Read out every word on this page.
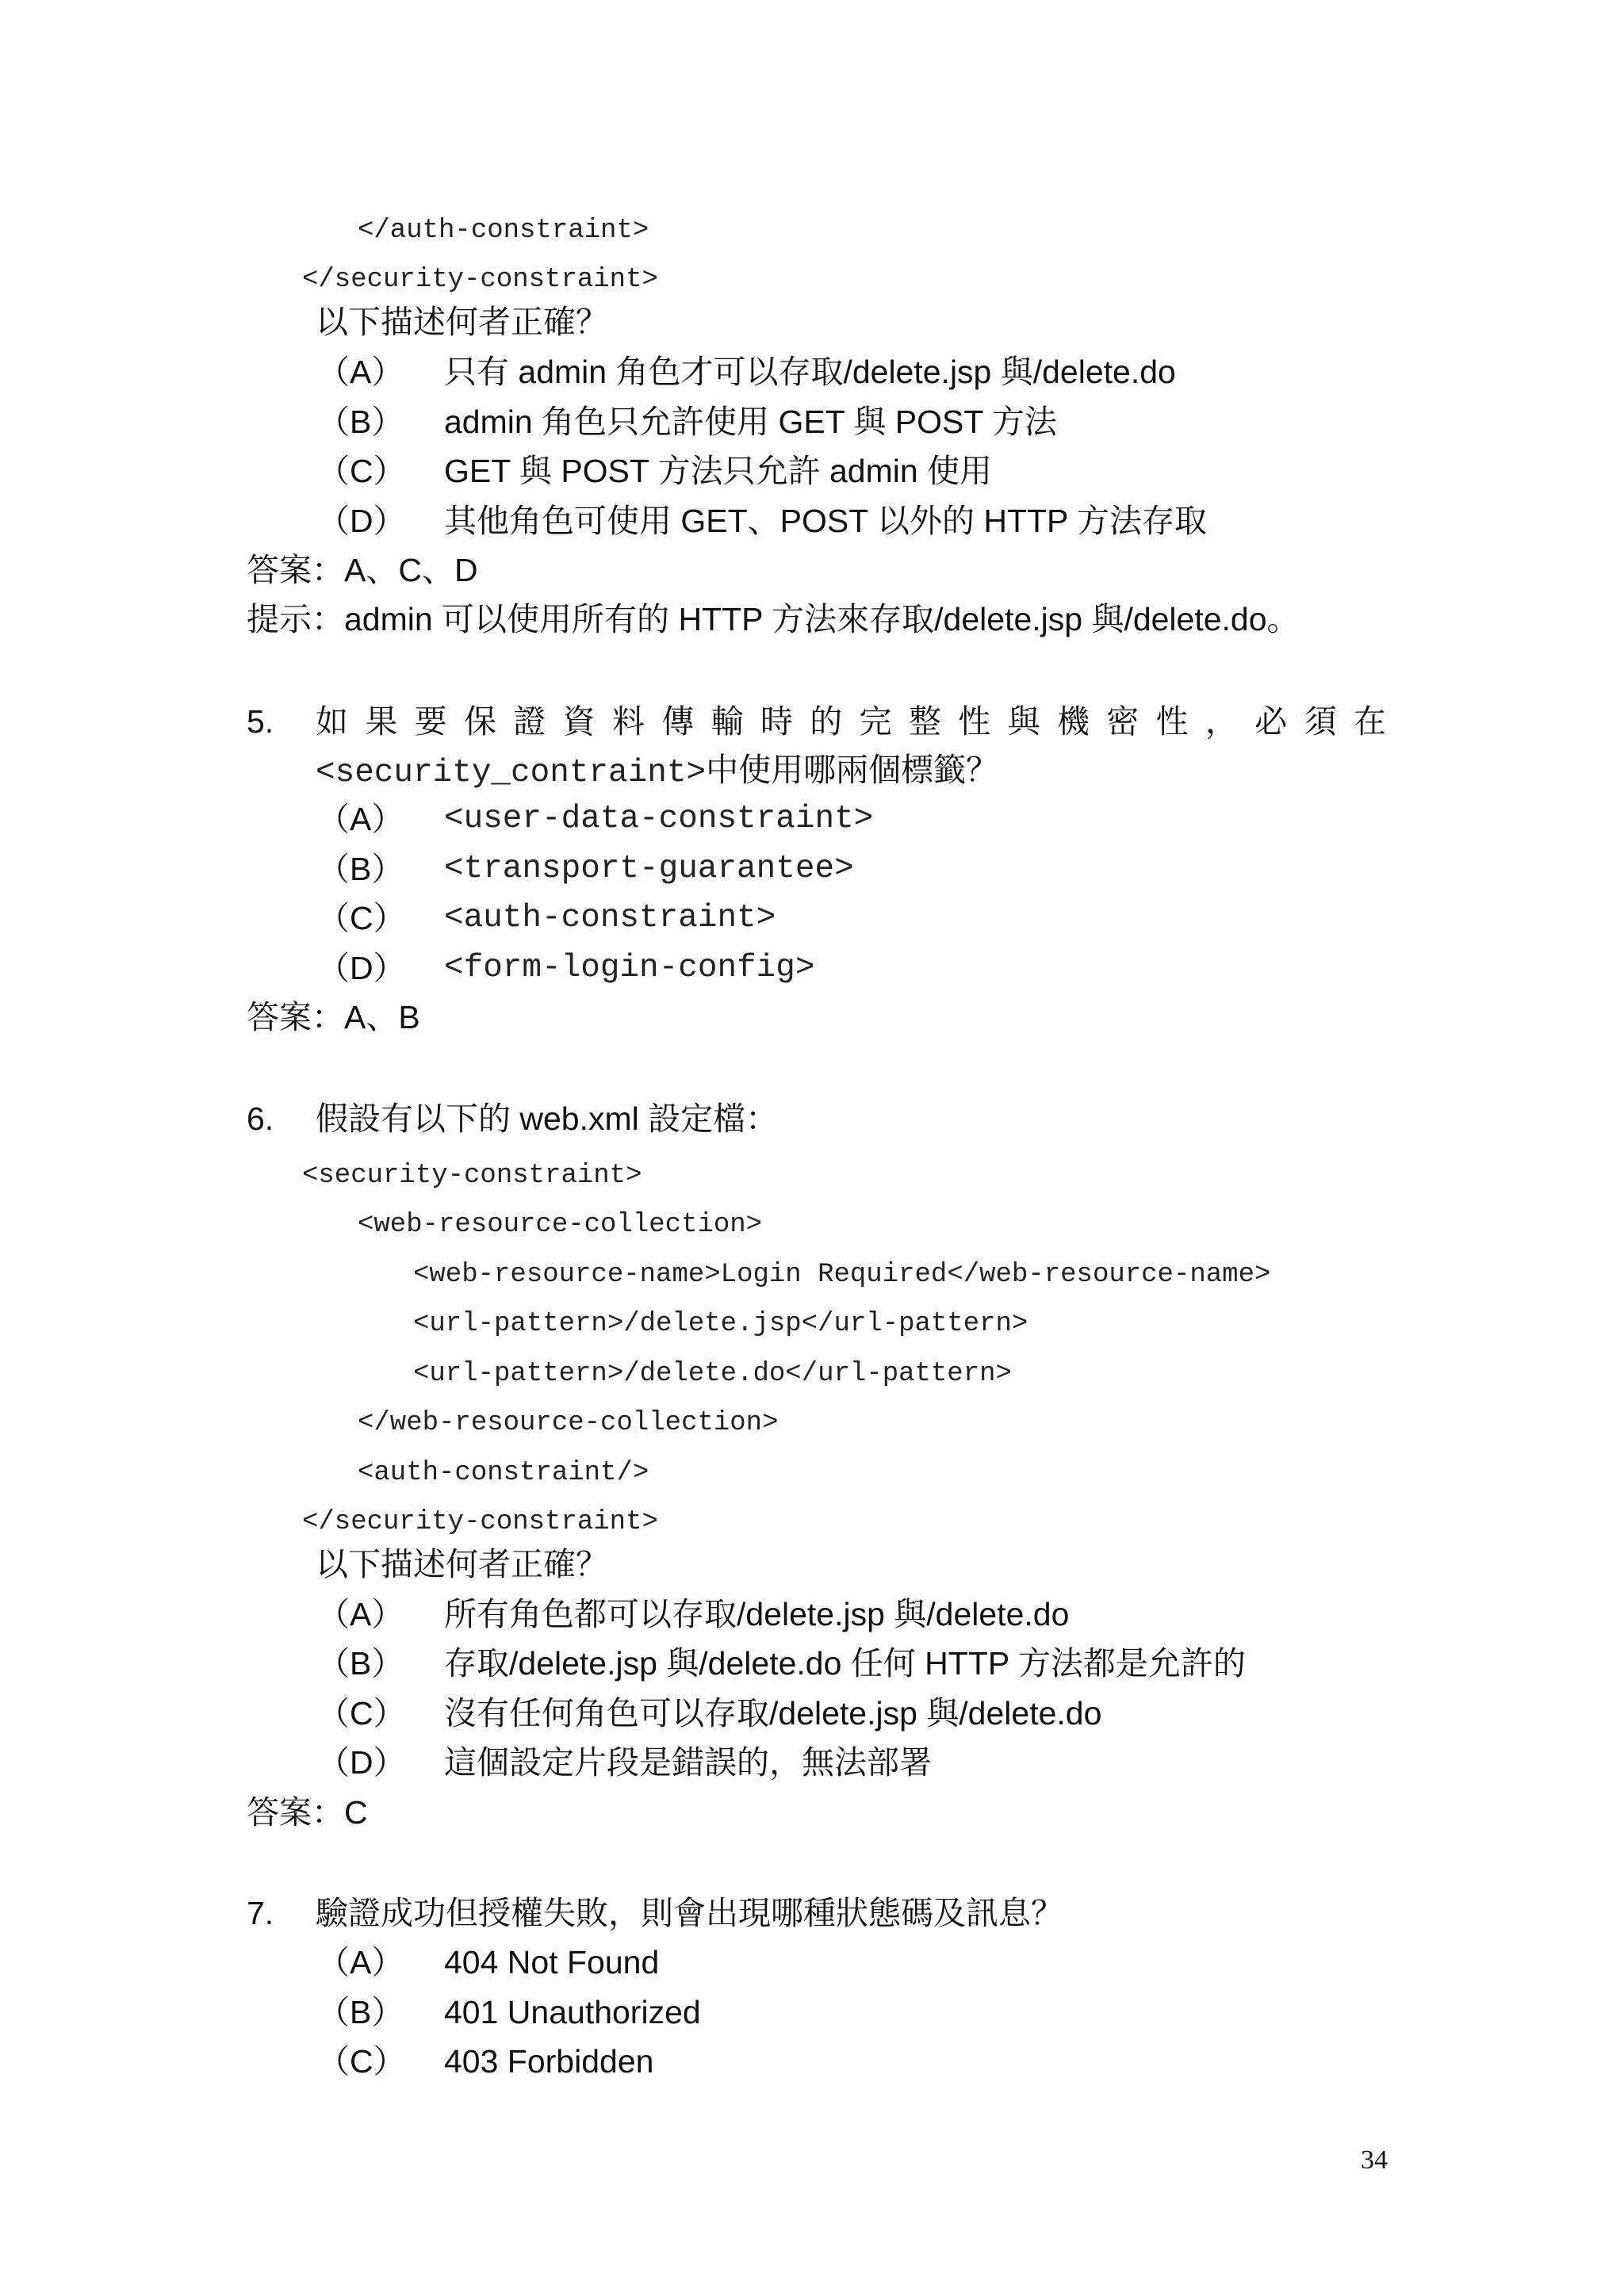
</auth-constraint>
</security-constraint>
以下描述何者正確？
（A） 只有 admin 角色才可以存取/delete.jsp 與/delete.do
（B） admin 角色只允許使用 GET 與 POST 方法
（C） GET 與 POST 方法只允許 admin 使用
（D） 其他角色可使用 GET、POST 以外的 HTTP 方法存取
答案：A、C、D
提示：admin 可以使用所有的 HTTP 方法來存取/delete.jsp 與/delete.do。
5. 如 果 要 保 證 資 料 傳 輸 時 的 完 整 性 與 機 密 性 ， 必 須 在
<security_contraint>中使用哪兩個標籤？
（A） <user-data-constraint>
（B） <transport-guarantee>
（C） <auth-constraint>
（D） <form-login-config>
答案：A、B
6. 假設有以下的 web.xml 設定檔：
<security-constraint>
<web-resource-collection>
<web-resource-name>Login Required</web-resource-name>
<url-pattern>/delete.jsp</url-pattern>
<url-pattern>/delete.do</url-pattern>
</web-resource-collection>
<auth-constraint/>
</security-constraint>
以下描述何者正確？
（A） 所有角色都可以存取/delete.jsp 與/delete.do
（B） 存取/delete.jsp 與/delete.do 任何 HTTP 方法都是允許的
（C） 沒有任何角色可以存取/delete.jsp 與/delete.do
（D） 這個設定片段是錯誤的，無法部署
答案：C
7. 驗證成功但授權失敗，則會出現哪種狀態碼及訊息？
（A） 404 Not Found
（B） 401 Unauthorized
（C） 403 Forbidden
34
